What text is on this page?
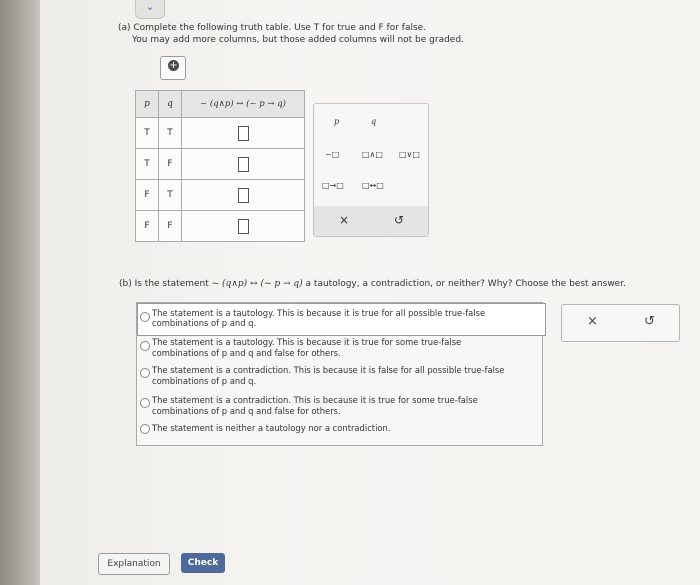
⌄
(a) Complete the following truth table. Use T for true and F for false.
You may add more columns, but those added columns will not be graded.
+
p	q	~ (q∧p) ↔ (~ p → q)
T	T	
T	F	
F	T	
F	F	
p	q
~□	□∧□ □∨□
□→□ □↔□
×	↺
(b) Is the statement ~ (q∧p) ↔ (~ p → q) a tautology, a contradiction, or neither? Why? Choose the best answer.
The statement is a tautology. This is because it is true for all possible true-false
combinations of p and q.
The statement is a tautology. This is because it is true for some true-false
combinations of p and q and false for others.
The statement is a contradiction. This is because it is false for all possible true-false
combinations of p and q.
The statement is a contradiction. This is because it is true for some true-false
combinations of p and q and false for others.
The statement is neither a tautology nor a contradiction.
×	↺
Explanation	Check
